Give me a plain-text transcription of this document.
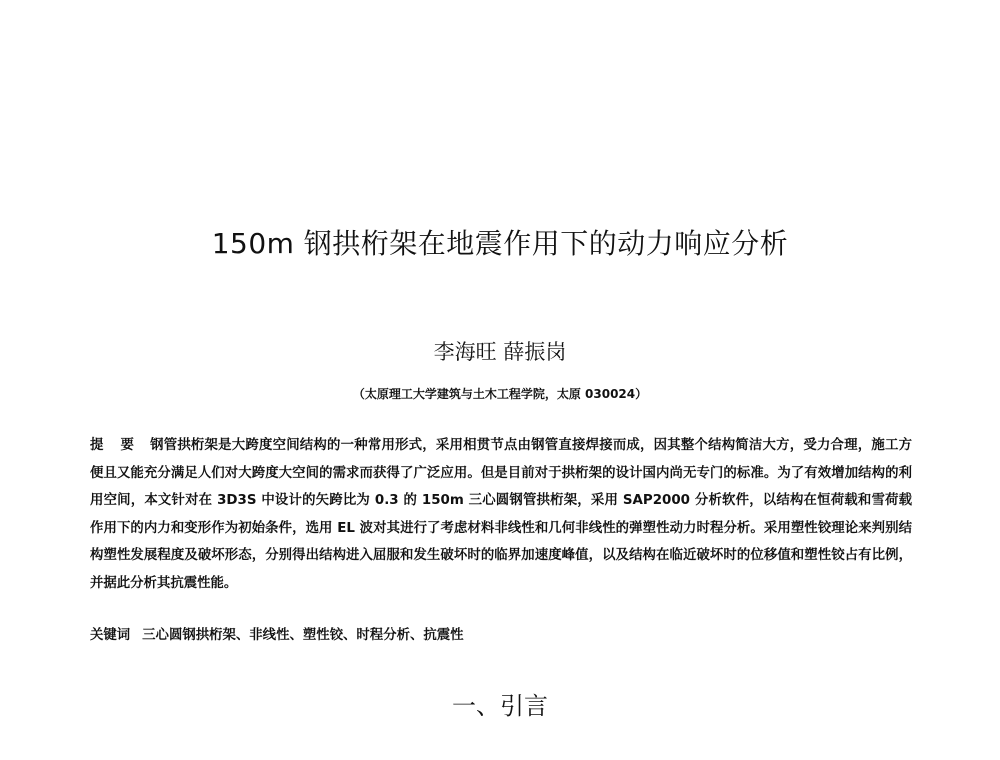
150m 钢拱桁架在地震作用下的动力响应分析

李海旺 薛振岗

（太原理工大学建筑与土木工程学院，太原 030024）

提 要 钢管拱桁架是大跨度空间结构的一种常用形式，采用相贯节点由钢管直接焊接而成，因其整个结构简洁大方，受力合理，施工方便且又能充分满足人们对大跨度大空间的需求而获得了广泛应用。但是目前对于拱桁架的设计国内尚无专门的标准。为了有效增加结构的利用空间，本文针对在 3D3S 中设计的矢跨比为 0.3 的 150m 三心圆钢管拱桁架，采用 SAP2000 分析软件，以结构在恒荷载和雪荷载作用下的内力和变形作为初始条件，选用 EL 波对其进行了考虑材料非线性和几何非线性的弹塑性动力时程分析。采用塑性铰理论来判别结构塑性发展程度及破坏形态，分别得出结构进入屈服和发生破坏时的临界加速度峰值，以及结构在临近破坏时的位移值和塑性铰占有比例，并据此分析其抗震性能。

关键词 三心圆钢拱桁架、非线性、塑性铰、时程分析、抗震性

一、引言
